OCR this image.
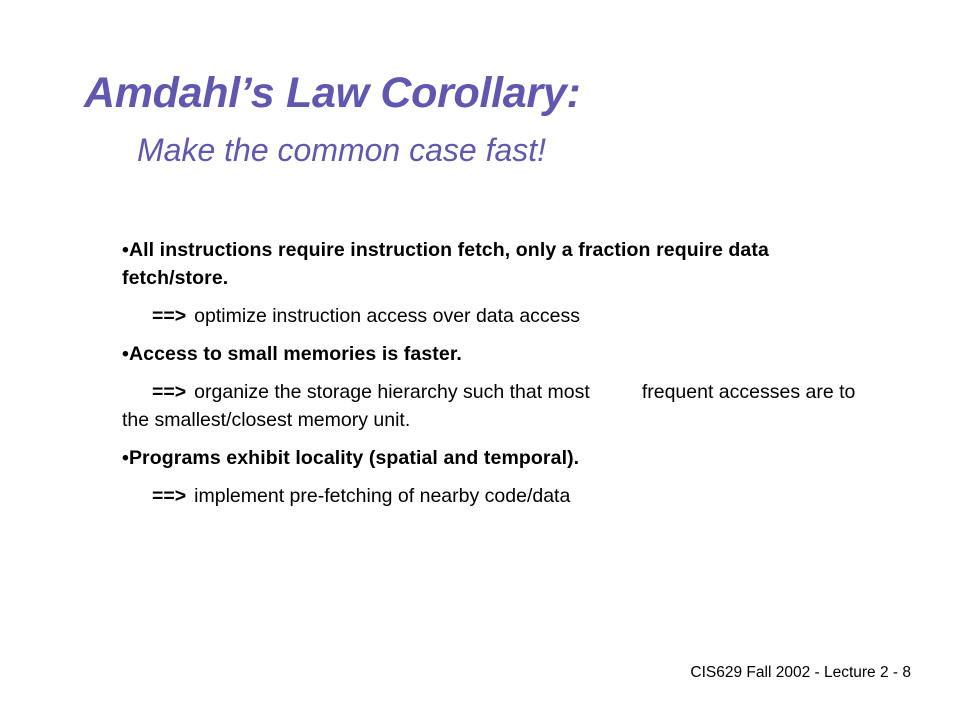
Amdahl’s Law Corollary:
Make the common case fast!

•All instructions require instruction fetch, only a fraction require data fetch/store.

==> optimize instruction access over data access

•Access to small memories is faster.

==> organize the storage hierarchy such that most	frequent accesses are to the smallest/closest memory unit.

•Programs exhibit locality (spatial and temporal).

==> implement pre-fetching of nearby code/data

CIS629 Fall 2002 - Lecture 2 - 8
